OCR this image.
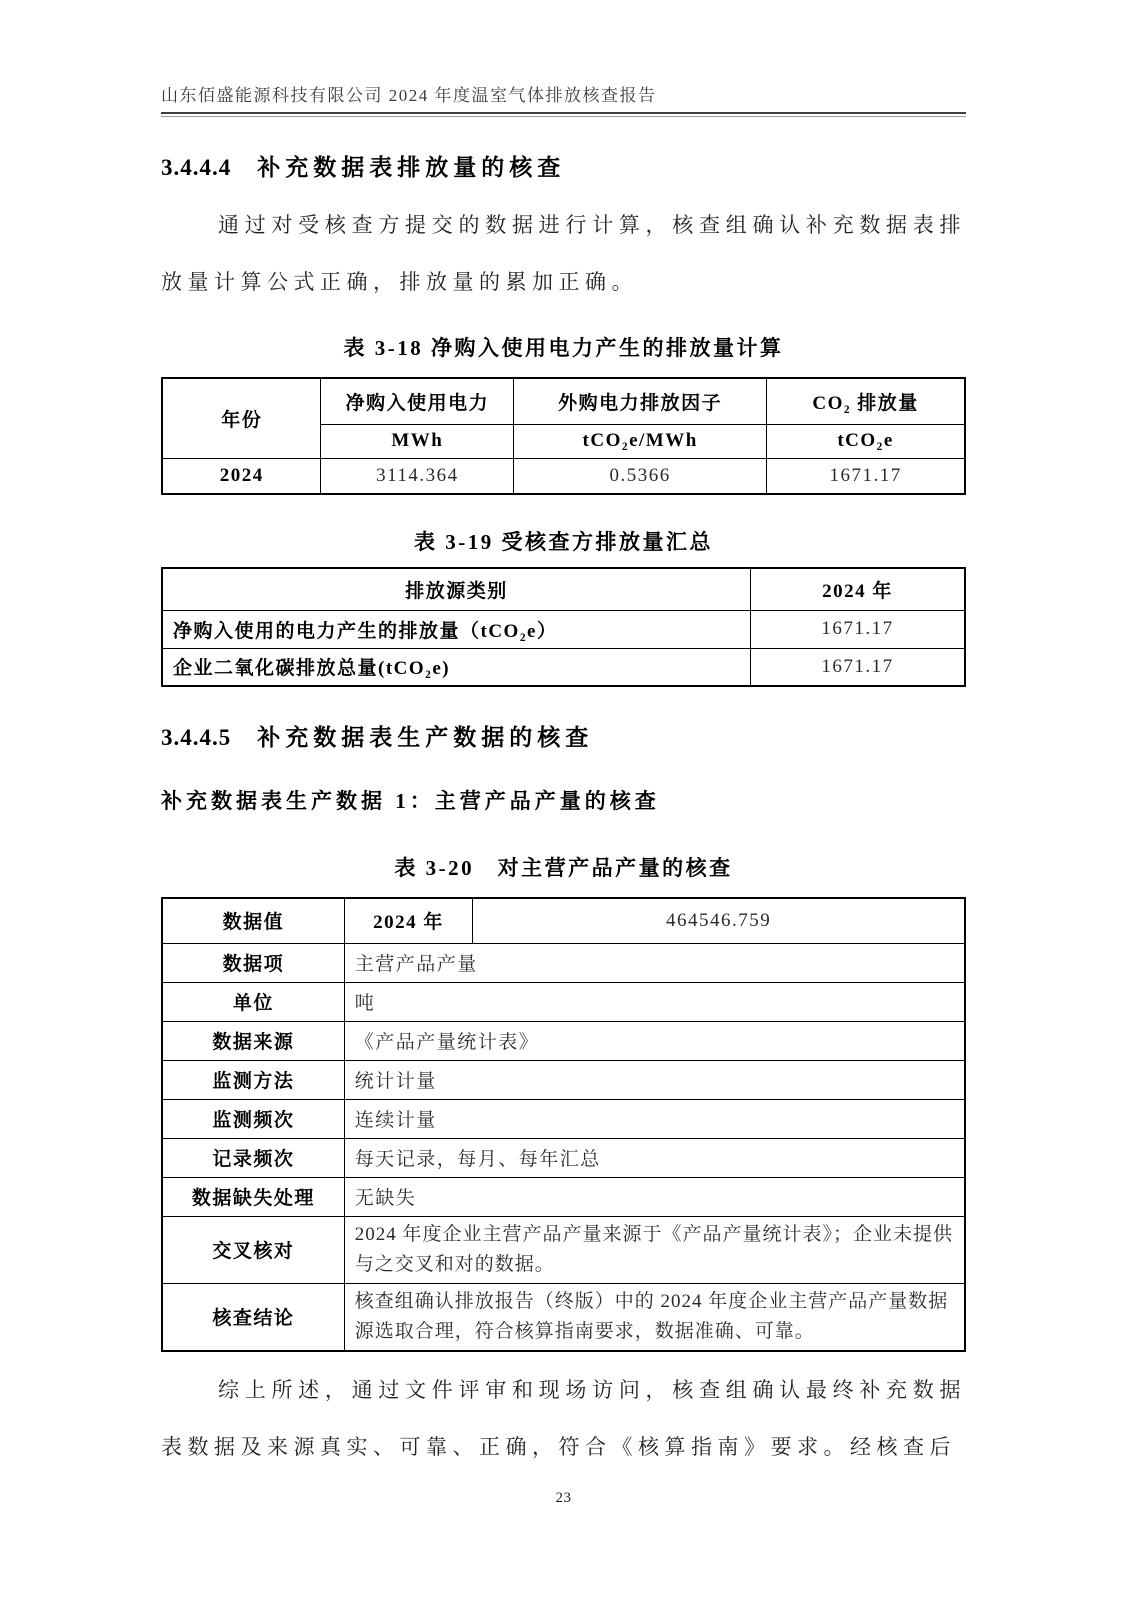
山东佰盛能源科技有限公司 2024 年度温室气体排放核查报告
3.4.4.4 补充数据表排放量的核查

通过对受核查方提交的数据进行计算，核查组确认补充数据表排放量计算公式正确，排放量的累加正确。

表 3-18 净购入使用电力产生的排放量计算
年份	净购入使用电力	外购电力排放因子	CO₂ 排放量
	MWh	tCO₂e/MWh	tCO₂e
2024	3114.364	0.5366	1671.17
表 3-19 受核查方排放量汇总
排放源类别	2024 年
净购入使用的电力产生的排放量（tCO₂e）	1671.17
企业二氧化碳排放总量(tCO₂e)	1671.17
3.4.4.5 补充数据表生产数据的核查
补充数据表生产数据 1：主营产品产量的核查
表 3-20　对主营产品产量的核查
数据值	2024 年	464546.759
数据项	主营产品产量	
单位	吨	
数据来源	《产品产量统计表》	
监测方法	统计计量	
监测频次	连续计量	
记录频次	每天记录，每月、每年汇总	
数据缺失处理	无缺失	
交叉核对	2024 年度企业主营产品产量来源于《产品产量统计表》；企业未提供与之交叉和对的数据。	
核查结论	核查组确认排放报告（终版）中的 2024 年度企业主营产品产量数据源选取合理，符合核算指南要求，数据准确、可靠。	

综上所述，通过文件评审和现场访问，核查组确认最终补充数据表数据及来源真实、可靠、正确，符合《核算指南》要求。经核查后

23
